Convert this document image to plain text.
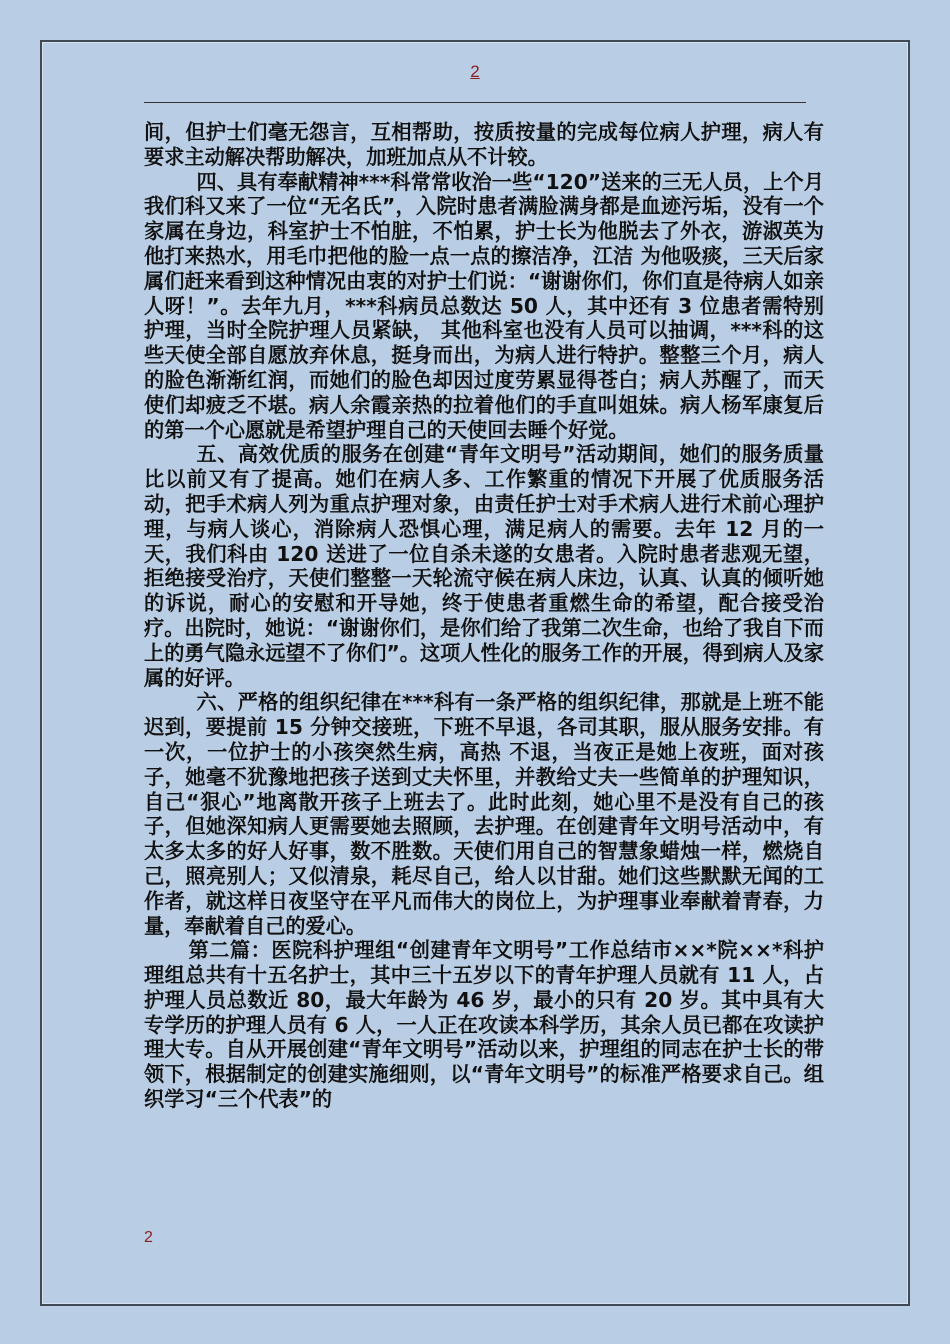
2

间，但护士们毫无怨言，互相帮助，按质按量的完成每位病人护理，病人有要求主动解决帮助解决，加班加点从不计较。

四、具有奉献精神***科常常收治一些“120”送来的三无人员，上个月我们科又来了一位“无名氏”，入院时患者满脸满身都是血迹污垢，没有一个家属在身边，科室护士不怕脏，不怕累，护士长为他脱去了外衣，游淑英为他打来热水，用毛巾把他的脸一点一点的擦洁净，江洁 为他吸痰，三天后家属们赶来看到这种情况由衷的对护士们说：“谢谢你们，你们直是待病人如亲人呀！”。去年九月，***科病员总数达 50 人，其中还有 3 位患者需特别护理，当时全院护理人员紧缺， 其他科室也没有人员可以抽调，***科的这些天使全部自愿放弃休息，挺身而出，为病人进行特护。整整三个月，病人的脸色渐渐红润，而她们的脸色却因过度劳累显得苍白；病人苏醒了，而天使们却疲乏不堪。病人余霞亲热的拉着他们的手直叫姐妹。病人杨军康复后的第一个心愿就是希望护理自己的天使回去睡个好觉。

五、高效优质的服务在创建“青年文明号”活动期间，她们的服务质量比以前又有了提高。她们在病人多、工作繁重的情况下开展了优质服务活动，把手术病人列为重点护理对象，由责任护士对手术病人进行术前心理护理，与病人谈心，消除病人恐惧心理，满足病人的需要。去年 12 月的一天，我们科由 120 送进了一位自杀未遂的女患者。入院时患者悲观无望，拒绝接受治疗，天使们整整一天轮流守候在病人床边，认真、认真的倾听她的诉说，耐心的安慰和开导她，终于使患者重燃生命的希望，配合接受治疗。出院时，她说：“谢谢你们，是你们给了我第二次生命，也给了我自下而上的勇气隐永远望不了你们”。这项人性化的服务工作的开展，得到病人及家属的好评。

六、严格的组织纪律在***科有一条严格的组织纪律，那就是上班不能迟到，要提前 15 分钟交接班，下班不早退，各司其职，服从服务安排。有一次，一位护士的小孩突然生病，高热 不退，当夜正是她上夜班，面对孩子，她毫不犹豫地把孩子送到丈夫怀里，并教给丈夫一些简单的护理知识，自己“狠心”地离散开孩子上班去了。此时此刻，她心里不是没有自己的孩子，但她深知病人更需要她去照顾，去护理。在创建青年文明号活动中，有太多太多的好人好事，数不胜数。天使们用自己的智慧象蜡烛一样，燃烧自己，照亮别人；又似清泉，耗尽自己，给人以甘甜。她们这些默默无闻的工作者，就这样日夜坚守在平凡而伟大的岗位上，为护理事业奉献着青春，力量，奉献着自己的爱心。

第二篇：医院科护理组“创建青年文明号”工作总结市××*院××*科护理组总共有十五名护士，其中三十五岁以下的青年护理人员就有 11 人，占护理人员总数近 80，最大年龄为 46 岁，最小的只有 20 岁。其中具有大专学历的护理人员有 6 人，一人正在攻读本科学历，其余人员已都在攻读护理大专。自从开展创建“青年文明号”活动以来，护理组的同志在护士长的带领下，根据制定的创建实施细则，以“青年文明号”的标准严格要求自己。组织学习“三个代表”的

2
